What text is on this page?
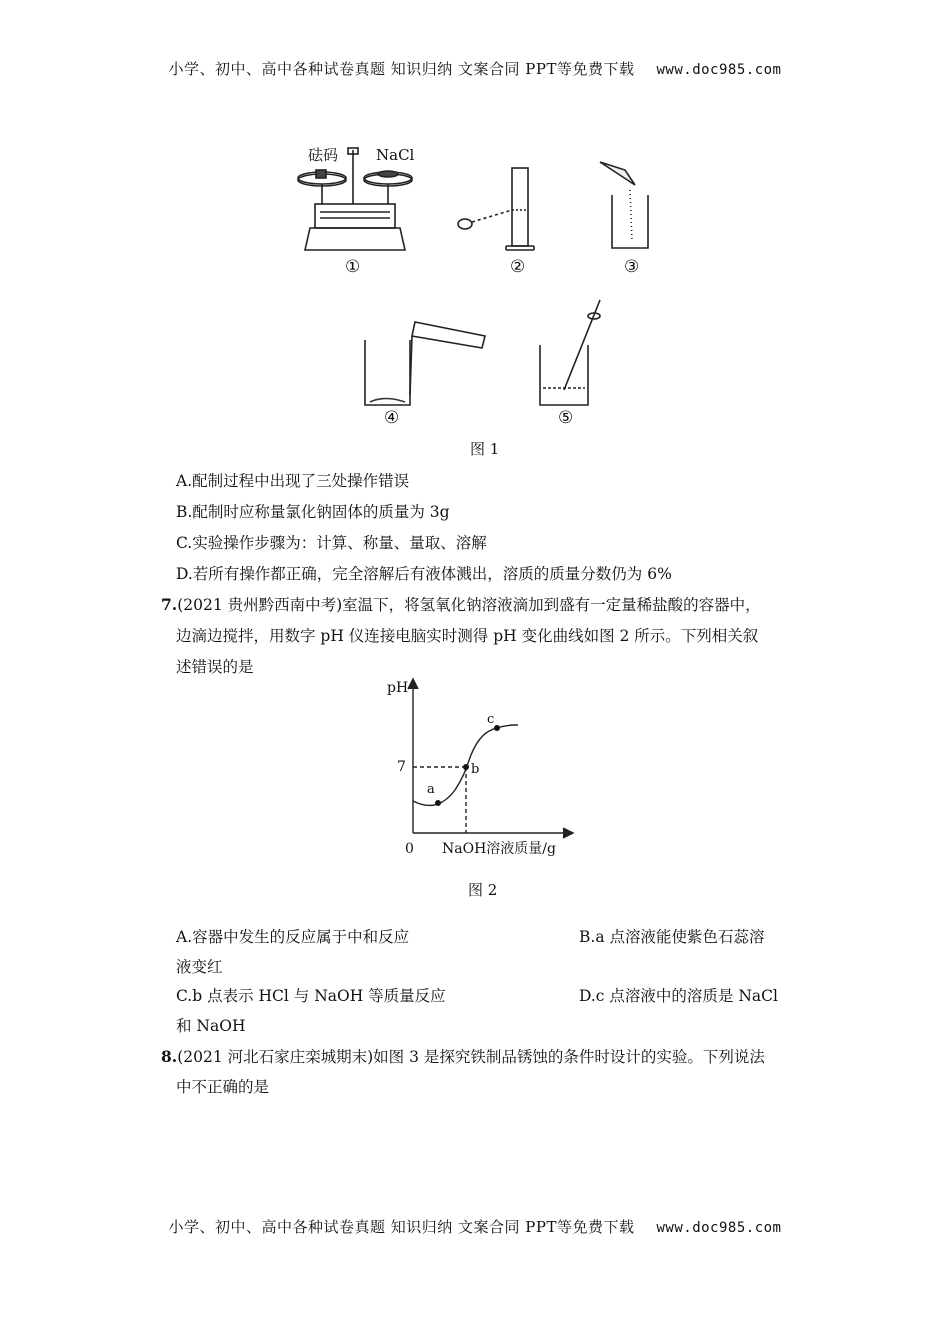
小学、初中、高中各种试卷真题 知识归纳 文案合同 PPT等免费下载 www.doc985.com
砝码	NaCl
①	②	③
④	⑤
图 1
A.配制过程中出现了三处操作错误
B.配制时应称量氯化钠固体的质量为 3g
C.实验操作步骤为：计算、称量、量取、溶解
D.若所有操作都正确，完全溶解后有液体溅出，溶质的质量分数仍为 6%
7.(2021 贵州黔西南中考)室温下，将氢氧化钠溶液滴加到盛有一定量稀盐酸的容器中，
边滴边搅拌，用数字 pH 仪连接电脑实时测得 pH 变化曲线如图 2 所示。下列相关叙
述错误的是
pH
7
0 NaOH溶液质量/g
a
b
c
图 2
A.容器中发生的反应属于中和反应	B.a 点溶液能使紫色石蕊溶
液变红
C.b 点表示 HCl 与 NaOH 等质量反应	D.c 点溶液中的溶质是 NaCl
和 NaOH
8.(2021 河北石家庄栾城期末)如图 3 是探究铁制品锈蚀的条件时设计的实验。下列说法
中不正确的是
小学、初中、高中各种试卷真题 知识归纳 文案合同 PPT等免费下载 www.doc985.com
